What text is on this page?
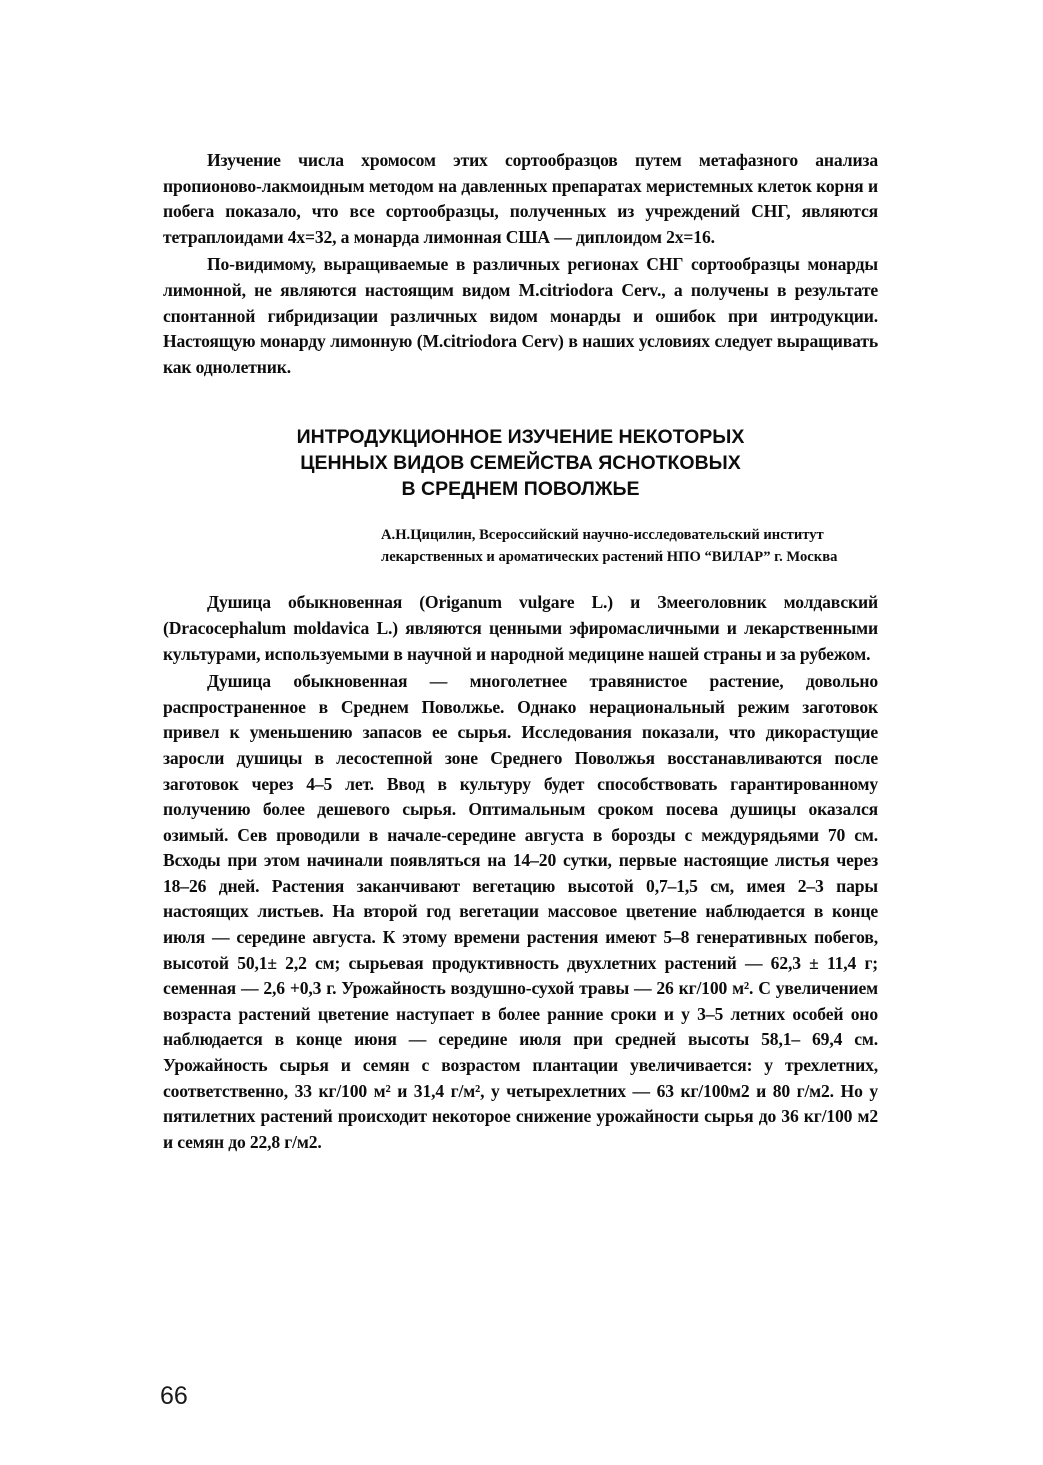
Изучение числа хромосом этих сортообразцов путем метафазного анализа пропионово-лакмоидным методом на давленных препаратах меристемных клеток корня и побега показало, что все сортообразцы, полученных из учреждений СНГ, являются тетраплоидами 4х=32, а монарда лимонная США — диплоидом 2х=16.

По-видимому, выращиваемые в различных регионах СНГ сортообразцы монарды лимонной, не являются настоящим видом M.citriodora Cerv., а получены в результате спонтанной гибридизации различных видом монарды и ошибок при интродукции. Настоящую монарду лимонную (M.citriodora Cerv) в наших условиях следует выращивать как однолетник.

ИНТРОДУКЦИОННОЕ ИЗУЧЕНИЕ НЕКОТОРЫХ
ЦЕННЫХ ВИДОВ СЕМЕЙСТВА ЯСНОТКОВЫХ
В СРЕДНЕМ ПОВОЛЖЬЕ
А.Н.Цицилин, Всероссийский научно-исследовательский институт лекарственных и ароматических растений НПО “ВИЛАР” г. Москва

Душица обыкновенная (Origanum vulgare L.) и Змееголовник молдавский (Dracocephalum moldavica L.) являются ценными эфиромасличными и лекарственными культурами, используемыми в научной и народной медицине нашей страны и за рубежом.

Душица обыкновенная — многолетнее травянистое растение, довольно распространенное в Среднем Поволжье. Однако нерациональный режим заготовок привел к уменьшению запасов ее сырья. Исследования показали, что дикорастущие заросли душицы в лесостепной зоне Среднего Поволжья восстанавливаются после заготовок через 4–5 лет. Ввод в культуру будет способствовать гарантированному получению более дешевого сырья. Оптимальным сроком посева душицы оказался озимый. Сев проводили в начале-середине августа в борозды с междурядьями 70 см. Всходы при этом начинали появляться на 14–20 сутки, первые настоящие листья через 18–26 дней. Растения заканчивают вегетацию высотой 0,7–1,5 см, имея 2–3 пары настоящих листьев. На второй год вегетации массовое цветение наблюдается в конце июля — середине августа. К этому времени растения имеют 5–8 генеративных побегов, высотой 50,1± 2,2 см; сырьевая продуктивность двухлетних растений — 62,3 ± 11,4 г; семенная — 2,6 +0,3 г. Урожайность воздушно-сухой травы — 26 кг/100 м². С увеличением возраста растений цветение наступает в более ранние сроки и у 3–5 летних особей оно наблюдается в конце июня — середине июля при средней высоты 58,1– 69,4 см. Урожайность сырья и семян с возрастом плантации увеличивается: у трехлетних, соответственно, 33 кг/100 м² и 31,4 г/м², у четырехлетних — 63 кг/100м2 и 80 г/м2. Но у пятилетних растений происходит некоторое снижение урожайности сырья до 36 кг/100 м2 и семян до 22,8 г/м2.

66
